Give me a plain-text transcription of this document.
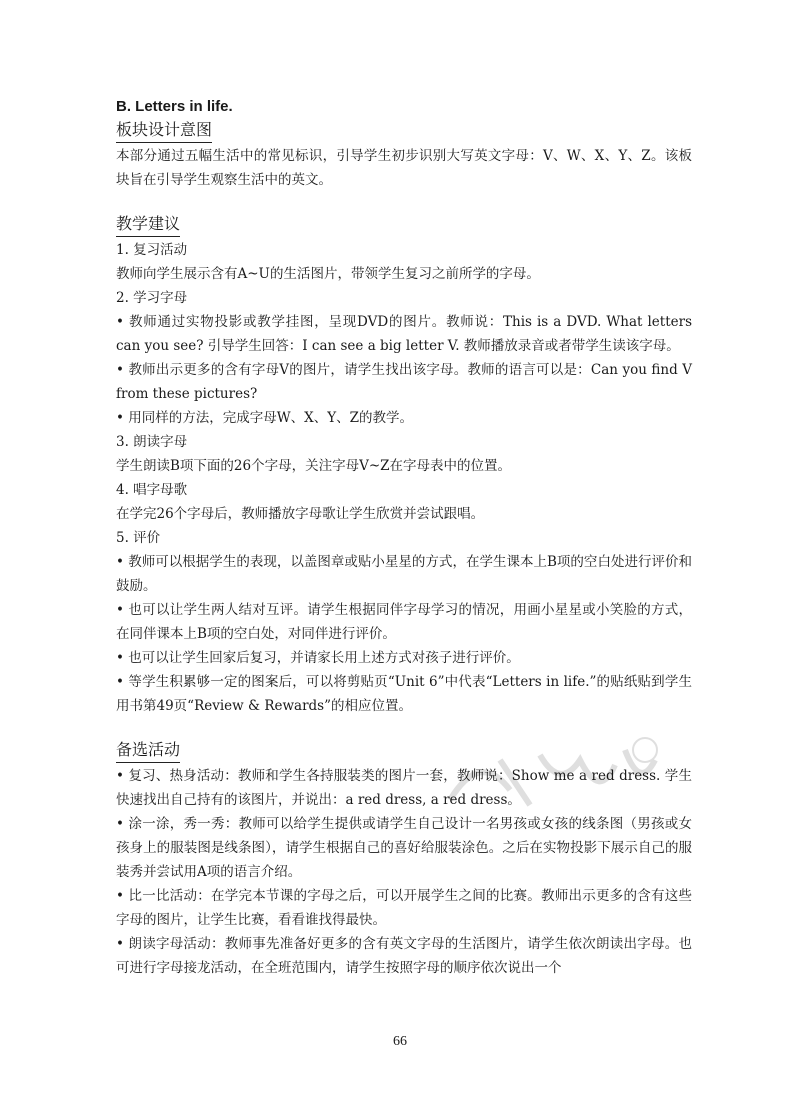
B. Letters in life.

板块设计意图

本部分通过五幅生活中的常见标识，引导学生初步识别大写英文字母：V、W、X、Y、Z。该板块旨在引导学生观察生活中的英文。

教学建议

1. 复习活动

教师向学生展示含有A~U的生活图片，带领学生复习之前所学的字母。

2. 学习字母

• 教师通过实物投影或教学挂图，呈现DVD的图片。教师说：This is a DVD. What letters can you see? 引导学生回答：I can see a big letter V. 教师播放录音或者带学生读该字母。

• 教师出示更多的含有字母V的图片，请学生找出该字母。教师的语言可以是：Can you find V from these pictures?

• 用同样的方法，完成字母W、X、Y、Z的教学。

3. 朗读字母

学生朗读B项下面的26个字母，关注字母V~Z在字母表中的位置。

4. 唱字母歌

在学完26个字母后，教师播放字母歌让学生欣赏并尝试跟唱。

5. 评价

• 教师可以根据学生的表现，以盖图章或贴小星星的方式，在学生课本上B项的空白处进行评价和鼓励。

• 也可以让学生两人结对互评。请学生根据同伴字母学习的情况，用画小星星或小笑脸的方式，在同伴课本上B项的空白处，对同伴进行评价。

• 也可以让学生回家后复习，并请家长用上述方式对孩子进行评价。

• 等学生积累够一定的图案后，可以将剪贴页“Unit 6”中代表“Letters in life.”的贴纸贴到学生用书第49页“Review & Rewards”的相应位置。

备选活动

• 复习、热身活动：教师和学生各持服装类的图片一套，教师说：Show me a red dress. 学生快速找出自己持有的该图片，并说出：a red dress, a red dress。

• 涂一涂，秀一秀：教师可以给学生提供或请学生自己设计一名男孩或女孩的线条图（男孩或女孩身上的服装图是线条图），请学生根据自己的喜好给服装涂色。之后在实物投影下展示自己的服装秀并尝试用A项的语言介绍。

• 比一比活动：在学完本节课的字母之后，可以开展学生之间的比赛。教师出示更多的含有这些字母的图片，让学生比赛，看看谁找得最快。

• 朗读字母活动：教师事先准备好更多的含有英文字母的生活图片，请学生依次朗读出字母。也可进行字母接龙活动，在全班范围内，请学生按照字母的顺序依次说出一个

66
